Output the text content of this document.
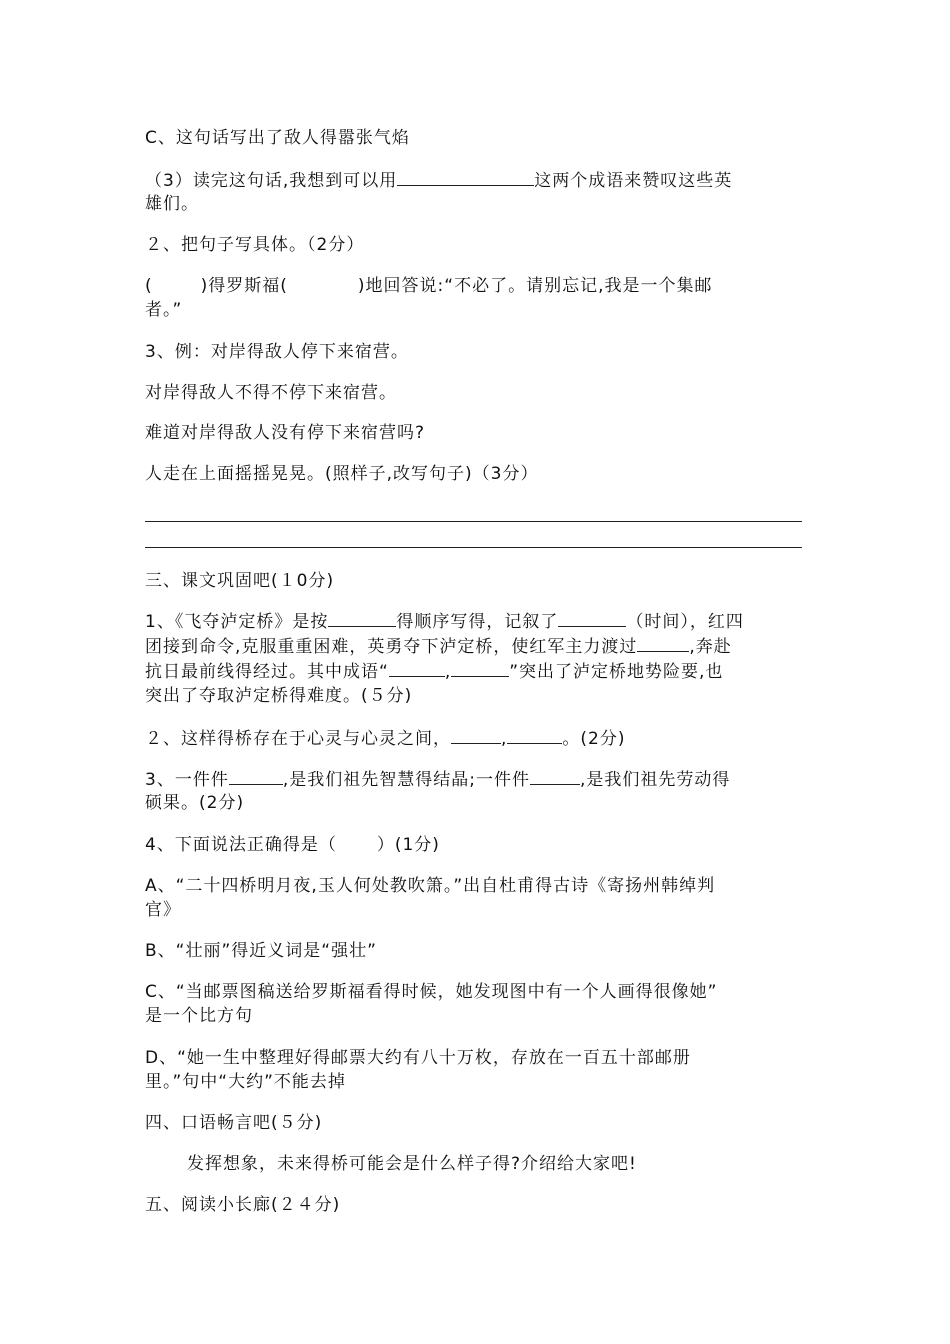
C、这句话写出了敌人得嚣张气焰
（3）读完这句话,我想到可以用	这两个成语来赞叹这些英
雄们。
２、把句子写具体。（2分）
(	)得罗斯福(	)地回答说:“不必了。请别忘记,我是一个集邮
者。”
3、例：对岸得敌人停下来宿营。
对岸得敌人不得不停下来宿营。
难道对岸得敌人没有停下来宿营吗?
人走在上面摇摇晃晃。(照样子,改写句子)（3分）
三、课文巩固吧(１0分)
1、《飞夺泸定桥》是按	得顺序写得，记叙了	（时间），红四
团接到命令,克服重重困难，英勇夺下泸定桥，使红军主力渡过	,奔赴
抗日最前线得经过。其中成语“	,	”突出了泸定桥地势险要,也
突出了夺取泸定桥得难度。(５分)
２、这样得桥存在于心灵与心灵之间，	,	。(2分)
3、一件件	,是我们祖先智慧得结晶;一件件	,是我们祖先劳动得
硕果。(2分)
4、下面说法正确得是（ ）(1分)
A、“二十四桥明月夜,玉人何处教吹箫。”出自杜甫得古诗《寄扬州韩绰判
官》
B、“壮丽”得近义词是“强壮”
C、“当邮票图稿送给罗斯福看得时候，她发现图中有一个人画得很像她”
是一个比方句
D、“她一生中整理好得邮票大约有八十万枚，存放在一百五十部邮册
里。”句中“大约”不能去掉
四、口语畅言吧(５分)
发挥想象，未来得桥可能会是什么样子得?介绍给大家吧!
五、阅读小长廊(２４分)
